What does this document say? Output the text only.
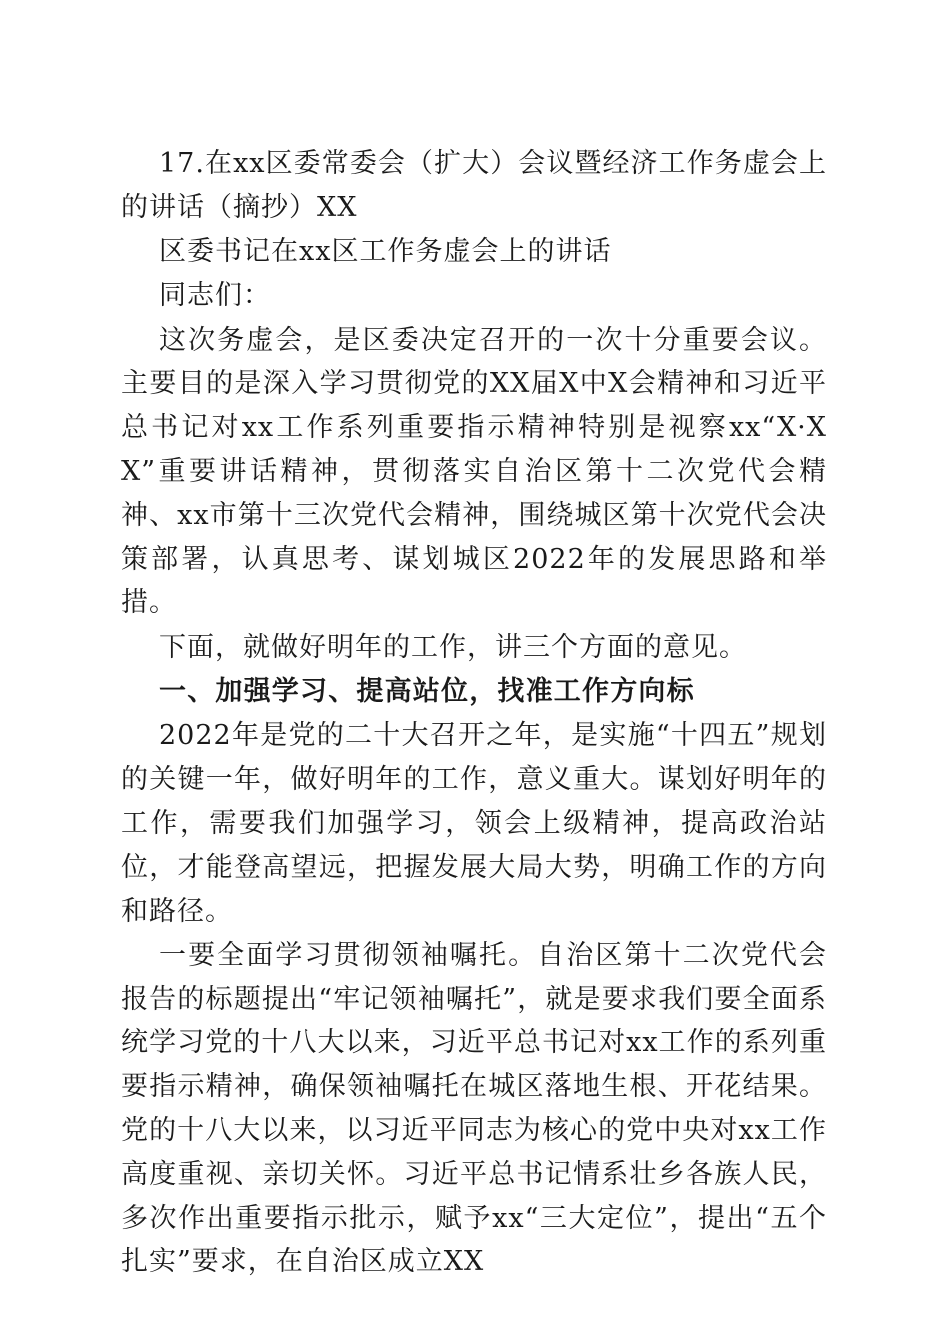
17.在xx区委常委会（扩大）会议暨经济工作务虚会上的讲话（摘抄）XX

区委书记在xx区工作务虚会上的讲话

同志们：

这次务虚会，是区委决定召开的一次十分重要会议。主要目的是深入学习贯彻党的XX届X中X会精神和习近平总书记对xx工作系列重要指示精神特别是视察xx“X·XX”重要讲话精神，贯彻落实自治区第十二次党代会精神、xx市第十三次党代会精神，围绕城区第十次党代会决策部署，认真思考、谋划城区2022年的发展思路和举措。

下面，就做好明年的工作，讲三个方面的意见。

一、加强学习、提高站位，找准工作方向标

2022年是党的二十大召开之年，是实施“十四五”规划的关键一年，做好明年的工作，意义重大。谋划好明年的工作，需要我们加强学习，领会上级精神，提高政治站位，才能登高望远，把握发展大局大势，明确工作的方向和路径。

一要全面学习贯彻领袖嘱托。自治区第十二次党代会报告的标题提出“牢记领袖嘱托”，就是要求我们要全面系统学习党的十八大以来，习近平总书记对xx工作的系列重要指示精神，确保领袖嘱托在城区落地生根、开花结果。党的十八大以来，以习近平同志为核心的党中央对xx工作高度重视、亲切关怀。习近平总书记情系壮乡各族人民，多次作出重要指示批示，赋予xx“三大定位”，提出“五个扎实”要求，在自治区成立XX
